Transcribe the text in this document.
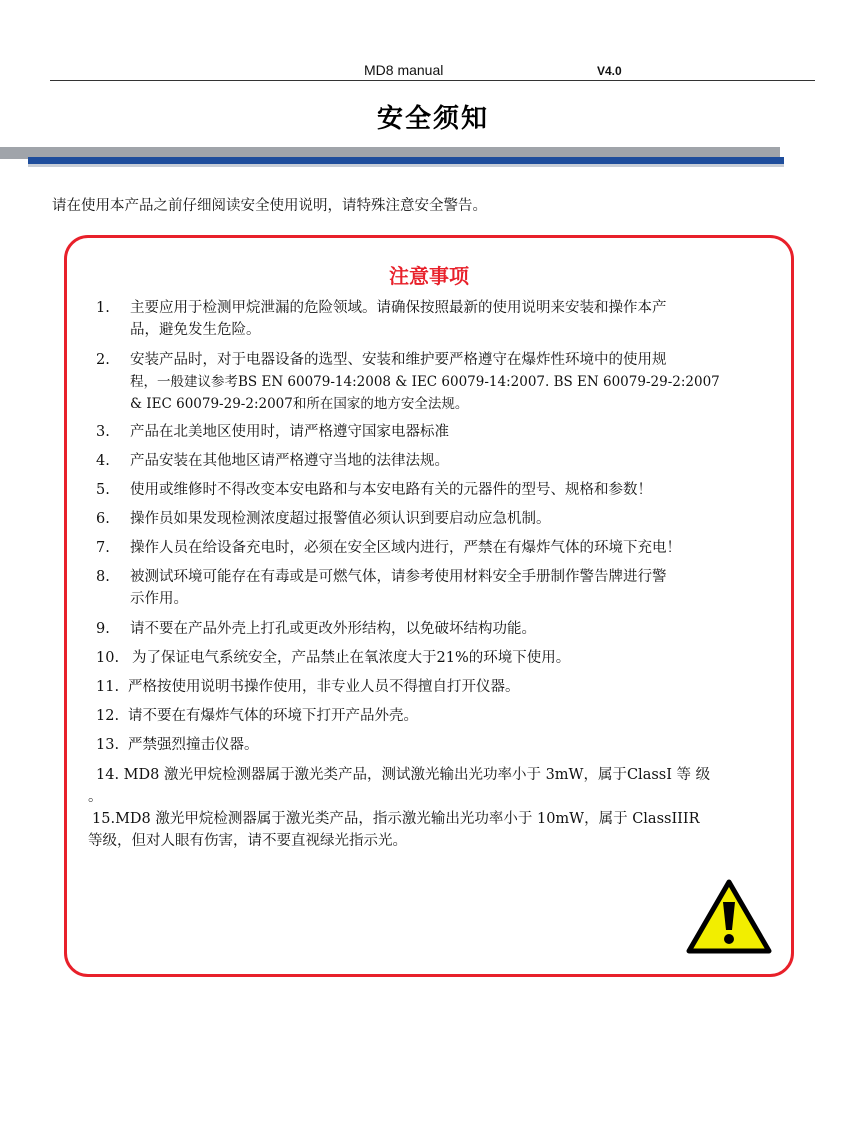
MD8 manual	V4.0
安全须知
请在使用本产品之前仔细阅读安全使用说明，请特殊注意安全警告。
注意事项
1.	主要应用于检测甲烷泄漏的危险领域。请确保按照最新的使用说明来安装和操作本产
品，避免发生危险。
2.	安装产品时，对于电器设备的选型、安装和维护要严格遵守在爆炸性环境中的使用规
程，一般建议参考BS EN 60079-14:2008 & IEC 60079-14:2007. BS EN 60079-29-2:2007
& IEC 60079-29-2:2007和所在国家的地方安全法规。
3.	产品在北美地区使用时，请严格遵守国家电器标准
4.	产品安装在其他地区请严格遵守当地的法律法规。
5.	使用或维修时不得改变本安电路和与本安电路有关的元器件的型号、规格和参数！
6.	操作员如果发现检测浓度超过报警值必须认识到要启动应急机制。
7.	操作人员在给设备充电时，必须在安全区域内进行，严禁在有爆炸气体的环境下充电！
8.	被测试环境可能存在有毒或是可燃气体，请参考使用材料安全手册制作警告牌进行警
示作用。
9.	请不要在产品外壳上打孔或更改外形结构，以免破坏结构功能。
10. 为了保证电气系统安全，产品禁止在氧浓度大于21%的环境下使用。
11. 严格按使用说明书操作使用，非专业人员不得擅自打开仪器。
12. 请不要在有爆炸气体的环境下打开产品外壳。
13. 严禁强烈撞击仪器。
14. MD8 激光甲烷检测器属于激光类产品，测试激光输出光功率小于 3mW，属于ClassI 等 级
。
15.MD8 激光甲烷检测器属于激光类产品，指示激光输出光功率小于 10mW，属于 ClassIIIR
等级，但对人眼有伤害，请不要直视绿光指示光。
